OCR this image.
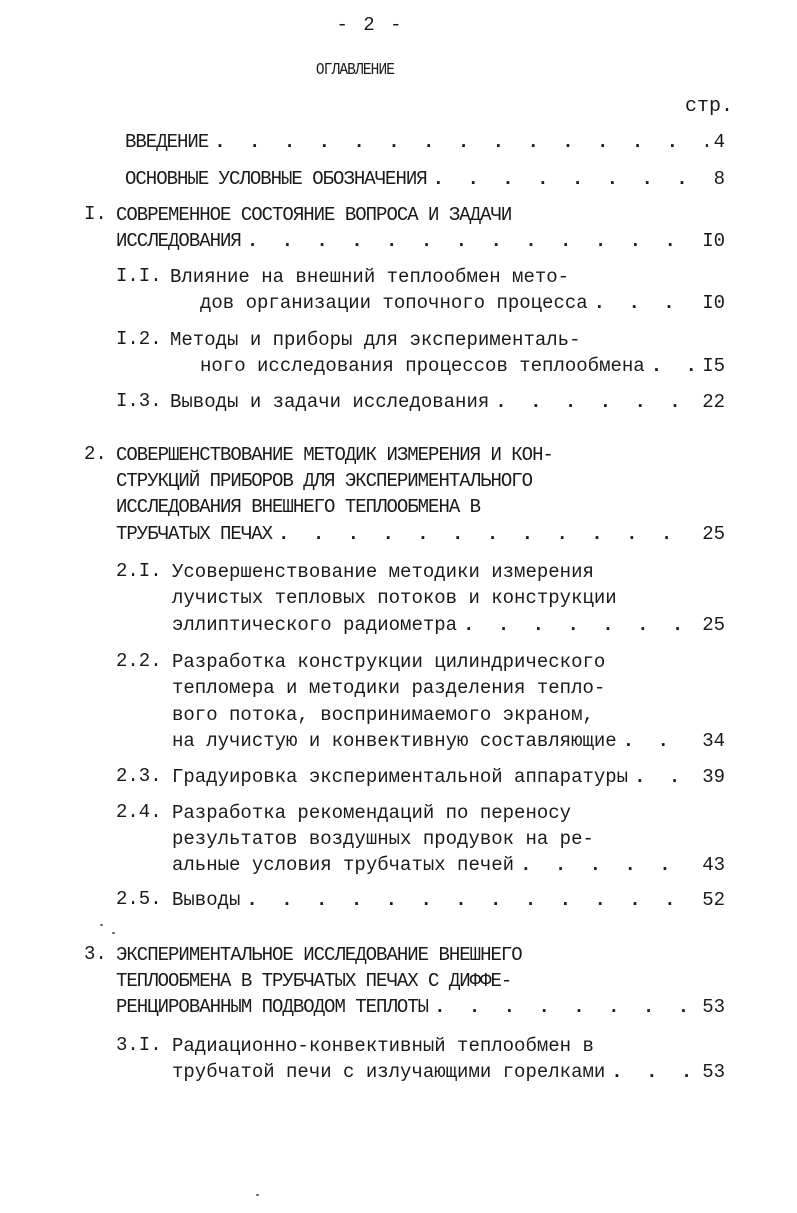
- 2 -
ОГЛАВЛЕНИЕ
стр.
ВВЕДЕНИЕ . . .	4
ОСНОВНЫЕ УСЛОВНЫЕ ОБОЗНАЧЕНИЯ . . .	8
I. СОВРЕМЕННОЕ СОСТОЯНИЕ ВОПРОСА И ЗАДАЧИ
ИССЛЕДОВАНИЯ . . .	I0
I.I. Влияние на внешний теплообмен мето-
дов организации топочного процесса . . .	I0
I.2. Методы и приборы для эксперименталь-
ного исследования процессов теплообмена . . .	I5
I.3. Выводы и задачи исследования . . .	22
2. СОВЕРШЕНСТВОВАНИЕ МЕТОДИК ИЗМЕРЕНИЯ И КОН-
СТРУКЦИЙ ПРИБОРОВ ДЛЯ ЭКСПЕРИМЕНТАЛЬНОГО
ИССЛЕДОВАНИЯ ВНЕШНЕГО ТЕПЛООБМЕНА В
ТРУБЧАТЫХ ПЕЧАХ . . .	25
2.I. Усовершенствование методики измерения
лучистых тепловых потоков и конструкции
эллиптического радиометра . . .	25
2.2. Разработка конструкции цилиндрического
тепломера и методики разделения тепло-
вого потока, воспринимаемого экраном,
на лучистую и конвективную составляющие . . .	34
2.3. Градуировка экспериментальной аппаратуры . . .	39
2.4. Разработка рекомендаций по переносу
результатов воздушных продувок на ре-
альные условия трубчатых печей . . .	43
2.5. Выводы . . .	52
3. ЭКСПЕРИМЕНТАЛЬНОЕ ИССЛЕДОВАНИЕ ВНЕШНЕГО
ТЕПЛООБМЕНА В ТРУБЧАТЫХ ПЕЧАХ С ДИФФЕ-
РЕНЦИРОВАННЫМ ПОДВОДОМ ТЕПЛОТЫ . . .	53
3.I. Радиационно-конвективный теплообмен в
трубчатой печи с излучающими горелками . . .	53
